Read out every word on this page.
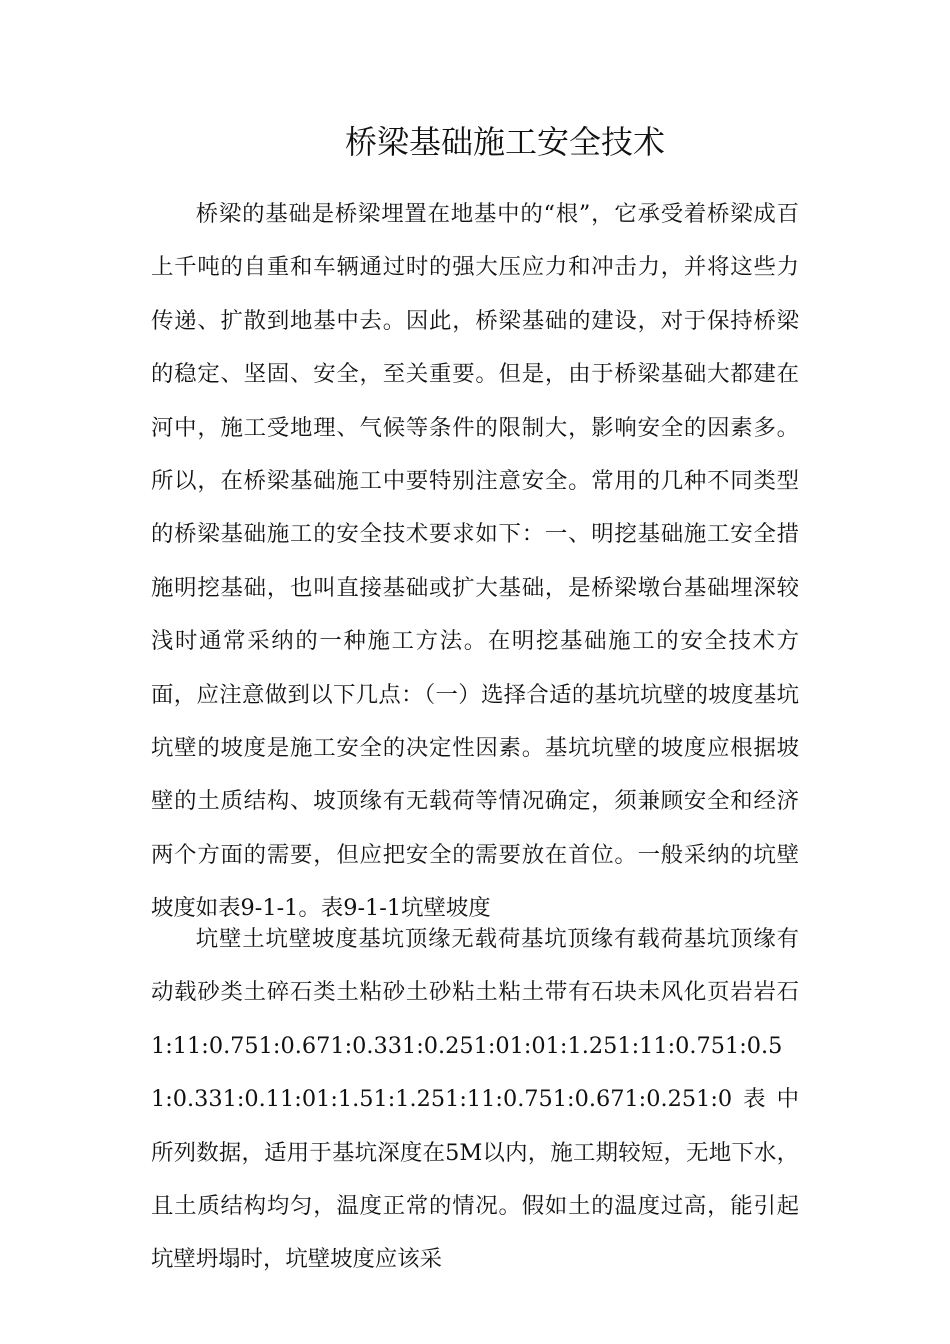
桥梁基础施工安全技术

桥梁的基础是桥梁埋置在地基中的“根”，它承受着桥梁成百上千吨的自重和车辆通过时的强大压应力和冲击力，并将这些力传递、扩散到地基中去。因此，桥梁基础的建设，对于保持桥梁的稳定、坚固、安全，至关重要。但是，由于桥梁基础大都建在河中，施工受地理、气候等条件的限制大，影响安全的因素多。所以，在桥梁基础施工中要特别注意安全。常用的几种不同类型的桥梁基础施工的安全技术要求如下：一、明挖基础施工安全措施明挖基础，也叫直接基础或扩大基础，是桥梁墩台基础埋深较浅时通常采纳的一种施工方法。在明挖基础施工的安全技术方面，应注意做到以下几点：（一）选择合适的基坑坑壁的坡度基坑坑壁的坡度是施工安全的决定性因素。基坑坑壁的坡度应根据坡壁的土质结构、坡顶缘有无载荷等情况确定，须兼顾安全和经济两个方面的需要，但应把安全的需要放在首位。一般采纳的坑壁坡度如表9-1-1。表9-1-1坑壁坡度

坑壁土坑壁坡度基坑顶缘无载荷基坑顶缘有载荷基坑顶缘有动载砂类土碎石类土粘砂土砂粘土粘土带有石块未风化页岩岩石1:11:0.751:0.671:0.331:0.251:01:01:1.251:11:0.751:0.51:0.331:0.11:01:1.51:1.251:11:0.751:0.671:0.251:0表中所列数据，适用于基坑深度在5M以内，施工期较短，无地下水，且土质结构均匀，温度正常的情况。假如土的温度过高，能引起坑壁坍塌时，坑壁坡度应该采
